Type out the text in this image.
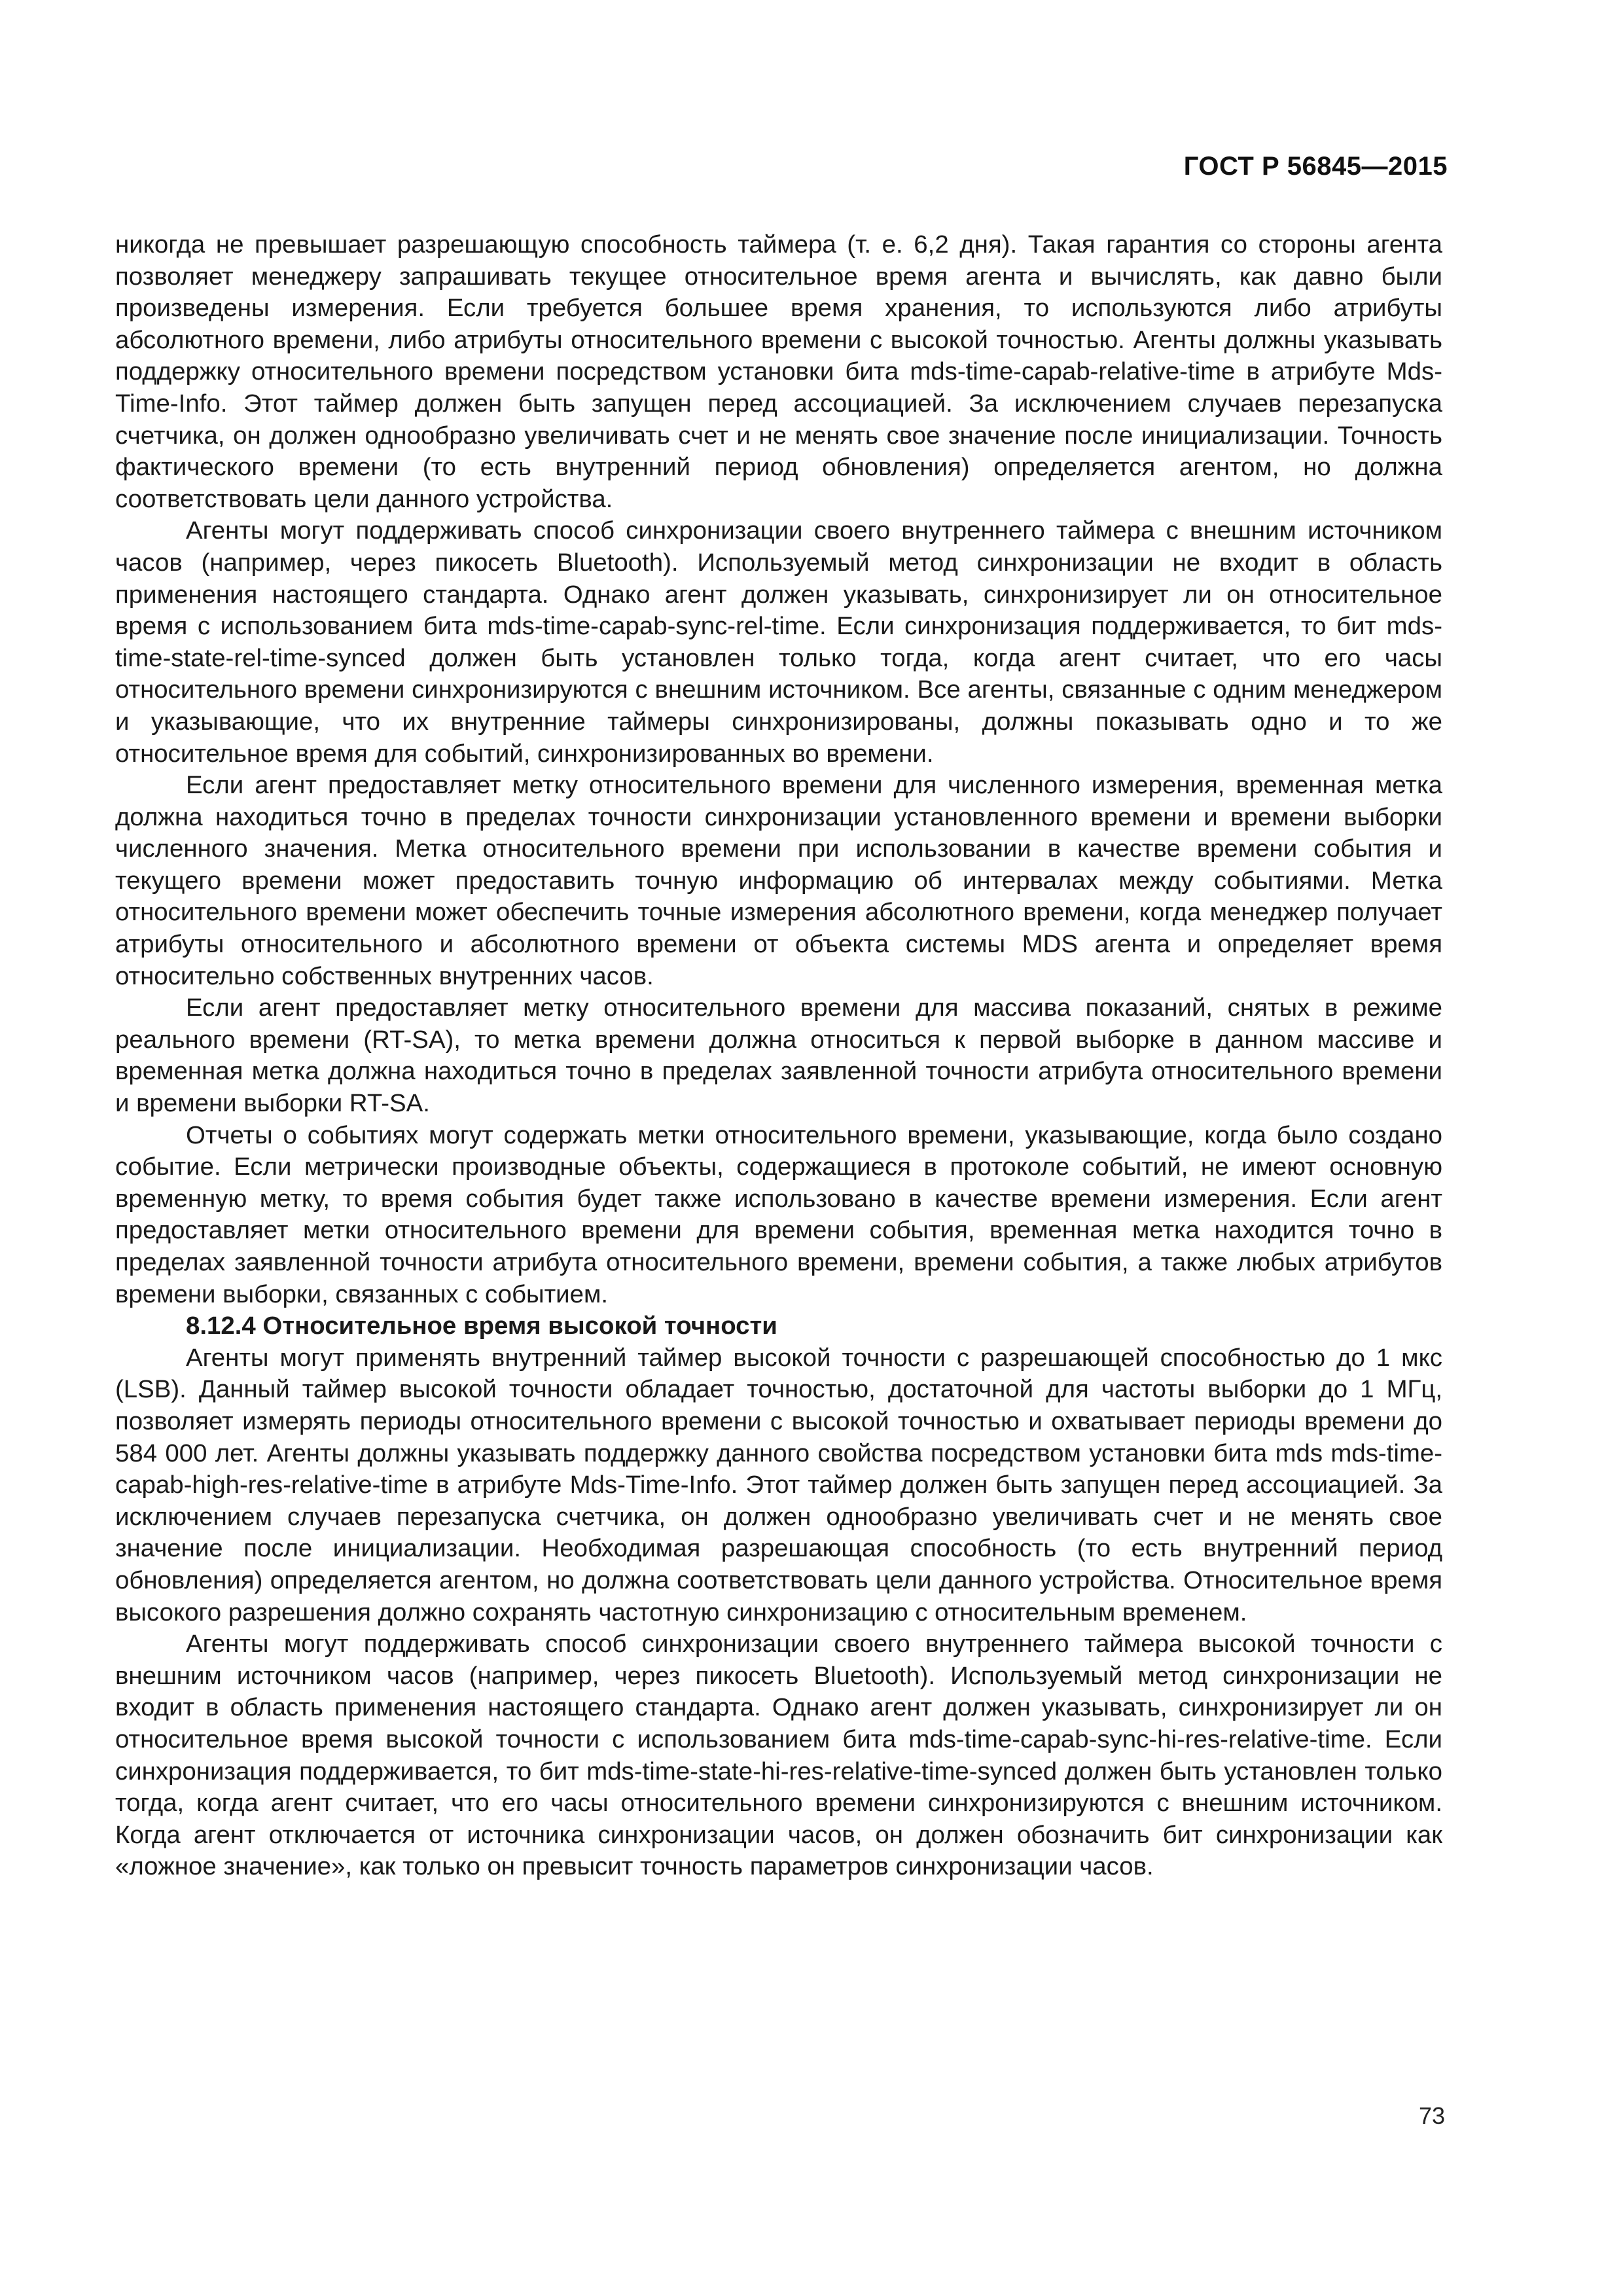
ГОСТ Р 56845—2015

никогда не превышает разрешающую способность таймера (т. е. 6,2 дня). Такая гарантия со стороны агента позволяет менеджеру запрашивать текущее относительное время агента и вычислять, как давно были произведены измерения. Если требуется большее время хранения, то используются либо атрибуты абсолютного времени, либо атрибуты относительного времени с высокой точностью. Агенты должны указывать поддержку относительного времени посредством установки бита mds-time-capab-relative-time в атрибуте Mds-Time-Info. Этот таймер должен быть запущен перед ассоциацией. За исключением случаев перезапуска счетчика, он должен однообразно увеличивать счет и не менять свое значение после инициализации. Точность фактического времени (то есть внутренний период обновления) определяется агентом, но должна соответствовать цели данного устройства.

Агенты могут поддерживать способ синхронизации своего внутреннего таймера с внешним источником часов (например, через пикосеть Bluetooth). Используемый метод синхронизации не входит в область применения настоящего стандарта. Однако агент должен указывать, синхронизирует ли он относительное время с использованием бита mds-time-capab-sync-rel-time. Если синхронизация поддерживается, то бит mds-time-state-rel-time-synced должен быть установлен только тогда, когда агент считает, что его часы относительного времени синхронизируются с внешним источником. Все агенты, связанные с одним менеджером и указывающие, что их внутренние таймеры синхронизированы, должны показывать одно и то же относительное время для событий, синхронизированных во времени.

Если агент предоставляет метку относительного времени для численного измерения, временная метка должна находиться точно в пределах точности синхронизации установленного времени и времени выборки численного значения. Метка относительного времени при использовании в качестве времени события и текущего времени может предоставить точную информацию об интервалах между событиями. Метка относительного времени может обеспечить точные измерения абсолютного времени, когда менеджер получает атрибуты относительного и абсолютного времени от объекта системы MDS агента и определяет время относительно собственных внутренних часов.

Если агент предоставляет метку относительного времени для массива показаний, снятых в режиме реального времени (RT-SA), то метка времени должна относиться к первой выборке в данном массиве и временная метка должна находиться точно в пределах заявленной точности атрибута относительного времени и времени выборки RT-SA.

Отчеты о событиях могут содержать метки относительного времени, указывающие, когда было создано событие. Если метрически производные объекты, содержащиеся в протоколе событий, не имеют основную временную метку, то время события будет также использовано в качестве времени измерения. Если агент предоставляет метки относительного времени для времени события, временная метка находится точно в пределах заявленной точности атрибута относительного времени, времени события, а также любых атрибутов времени выборки, связанных с событием.

8.12.4 Относительное время высокой точности

Агенты могут применять внутренний таймер высокой точности с разрешающей способностью до 1 мкс (LSB). Данный таймер высокой точности обладает точностью, достаточной для частоты выборки до 1 МГц, позволяет измерять периоды относительного времени с высокой точностью и охватывает периоды времени до 584 000 лет. Агенты должны указывать поддержку данного свойства посредством установки бита mds mds-time-capab-high-res-relative-time в атрибуте Mds-Time-Info. Этот таймер должен быть запущен перед ассоциацией. За исключением случаев перезапуска счетчика, он должен однообразно увеличивать счет и не менять свое значение после инициализации. Необходимая разрешающая способность (то есть внутренний период обновления) определяется агентом, но должна соответствовать цели данного устройства. Относительное время высокого разрешения должно сохранять частотную синхронизацию с относительным временем.

Агенты могут поддерживать способ синхронизации своего внутреннего таймера высокой точности с внешним источником часов (например, через пикосеть Bluetooth). Используемый метод синхронизации не входит в область применения настоящего стандарта. Однако агент должен указывать, синхронизирует ли он относительное время высокой точности с использованием бита mds-time-capab-sync-hi-res-relative-time. Если синхронизация поддерживается, то бит mds-time-state-hi-res-relative-time-synced должен быть установлен только тогда, когда агент считает, что его часы относительного времени синхронизируются с внешним источником. Когда агент отключается от источника синхронизации часов, он должен обозначить бит синхронизации как «ложное значение», как только он превысит точность параметров синхронизации часов.

73
